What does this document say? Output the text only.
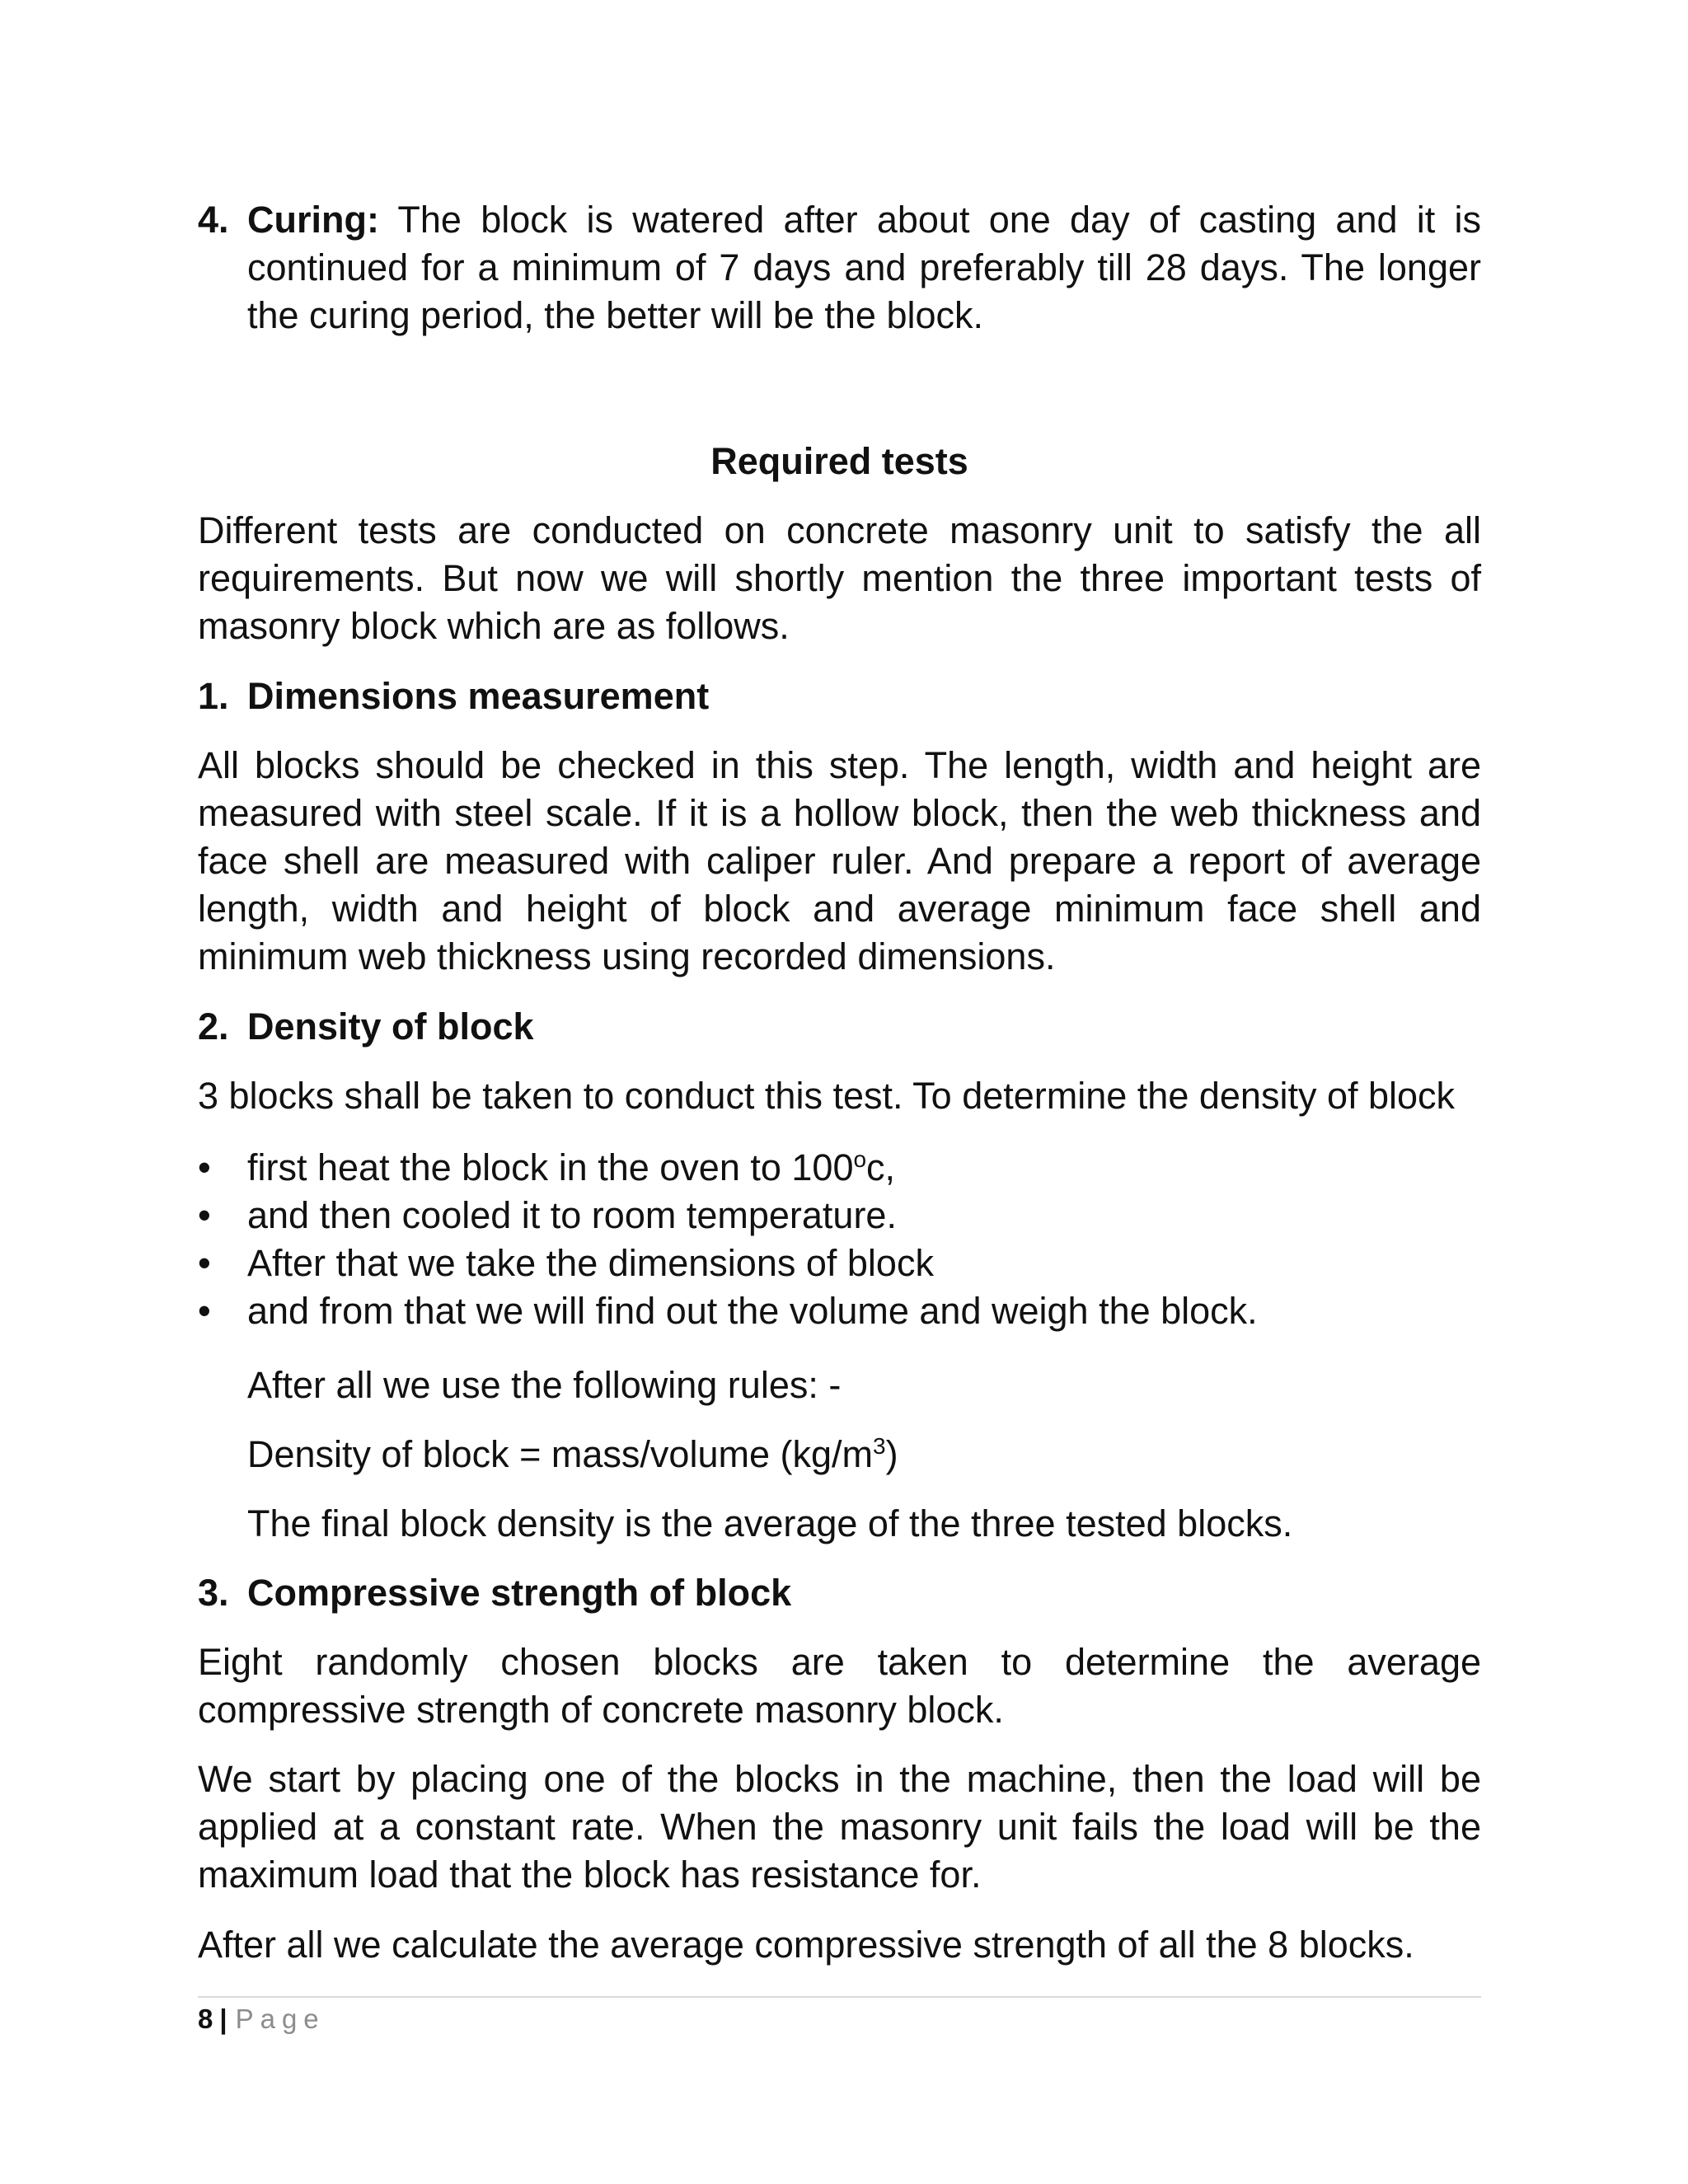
4. Curing: The block is watered after about one day of casting and it is continued for a minimum of 7 days and preferably till 28 days. The longer the curing period, the better will be the block.

Required tests

Different tests are conducted on concrete masonry unit to satisfy the all requirements. But now we will shortly mention the three important tests of masonry block which are as follows.

1. Dimensions measurement

All blocks should be checked in this step. The length, width and height are measured with steel scale. If it is a hollow block, then the web thickness and face shell are measured with caliper ruler. And prepare a report of average length, width and height of block and average minimum face shell and minimum web thickness using recorded dimensions.

2. Density of block

3 blocks shall be taken to conduct this test. To determine the density of block

• first heat the block in the oven to 100$^o$c,
• and then cooled it to room temperature.
• After that we take the dimensions of block
• and from that we will find out the volume and weigh the block.

After all we use the following rules: -

Density of block = mass/volume $(kg/m^3)$

The final block density is the average of the three tested blocks.

3. Compressive strength of block

Eight randomly chosen blocks are taken to determine the average compressive strength of concrete masonry block.

We start by placing one of the blocks in the machine, then the load will be applied at a constant rate. When the masonry unit fails the load will be the maximum load that the block has resistance for.

After all we calculate the average compressive strength of all the 8 blocks.

8 | Page
